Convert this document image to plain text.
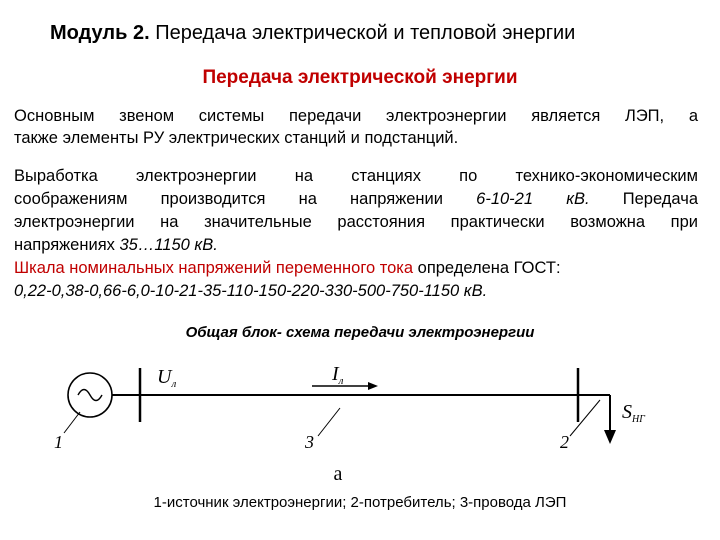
Модуль 2. Передача электрической и тепловой энергии
Передача электрической энергии
Основным звеном системы передачи электроэнергии является ЛЭП, а
также элементы РУ электрических станций и подстанций.
Выработка электроэнергии на станциях по технико-экономическим
соображениям производится на напряжении 6-10-21 кВ. Передача
электроэнергии на значительные расстояния практически возможна при
напряжениях 35…1150 кВ.
Шкала номинальных напряжений переменного тока определена ГОСТ:
0,22-0,38-0,66-6,0-10-21-35-110-150-220-330-500-750-1150 кВ.
Общая блок- схема передачи электроэнергии
$U_л$	$I_л$
$S_{НГ}$
1	3	2
а
1-источник электроэнергии; 2-потребитель; 3-провода ЛЭП
